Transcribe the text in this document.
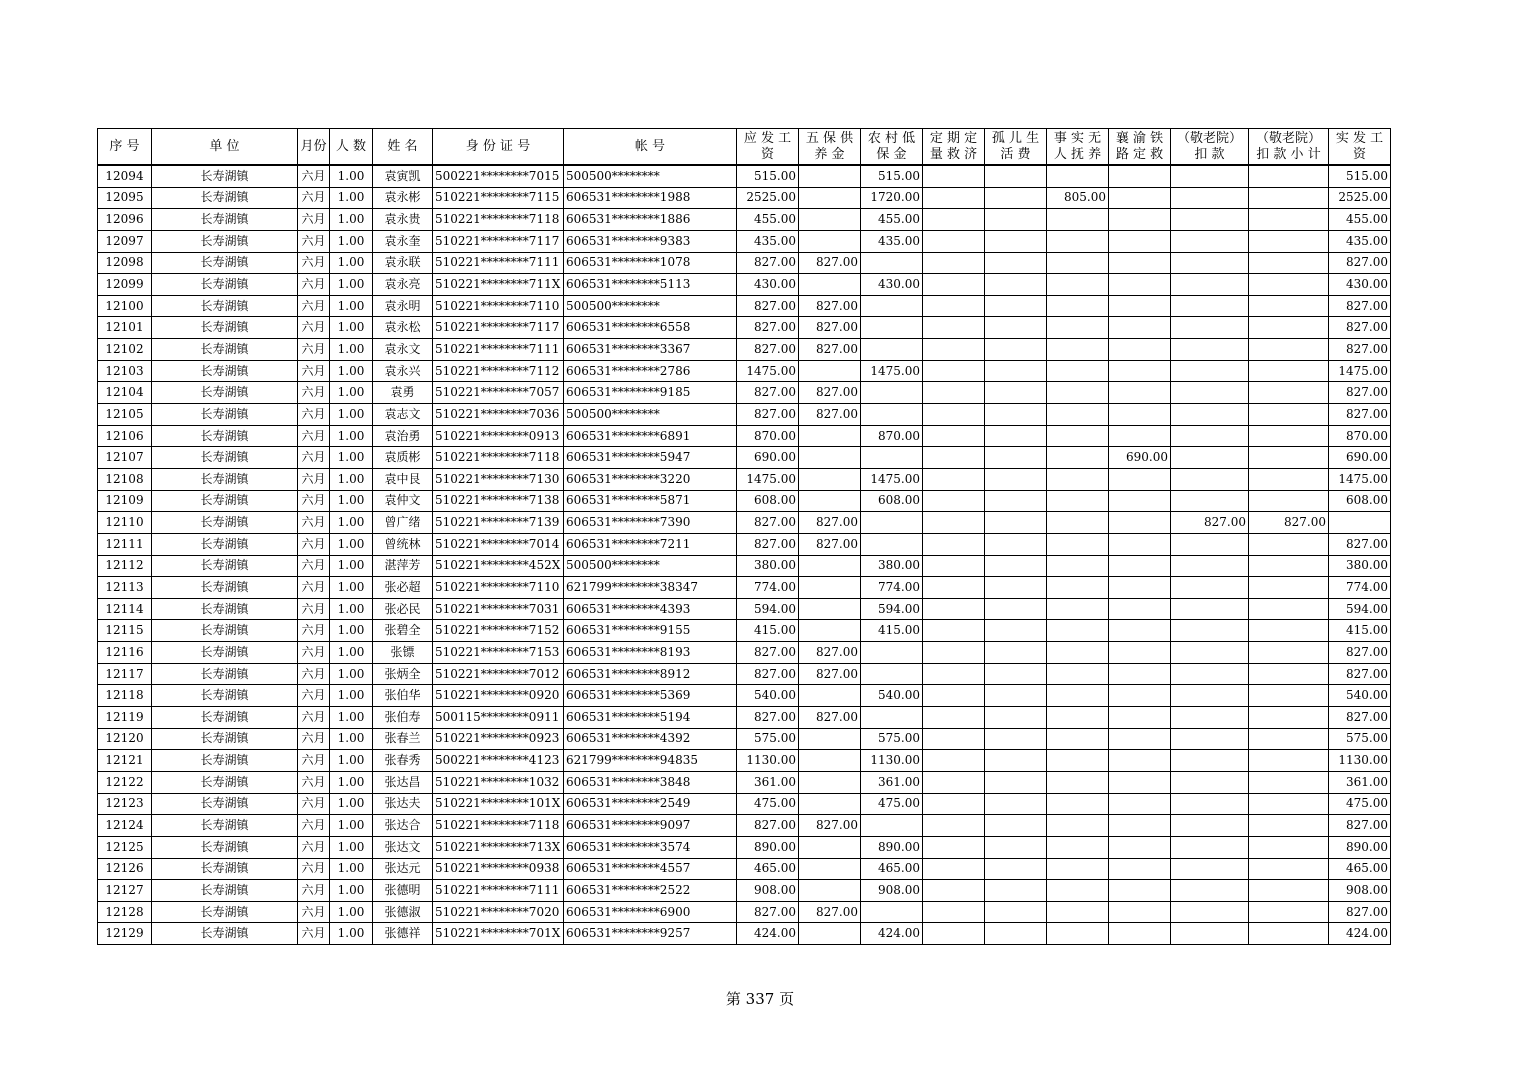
序 号	单 位	月份	人 数	姓 名	身 份 证 号	帐 号	应 发 工 资	五 保 供 养 金	农 村 低 保 金	定 期 定 量 救 济	孤 儿 生 活 费	事 实 无 人 抚 养	襄 渝 铁 路 定 救	（敬老院） 扣 款	（敬老院） 扣 款 小 计	实 发 工 资
12094	长寿湖镇	六月	1.00	袁寅凯	500221********7015	500500********	515.00		515.00							515.00
12095	长寿湖镇	六月	1.00	袁永彬	510221********7115	606531********1988	2525.00		1720.00			805.00				2525.00
12096	长寿湖镇	六月	1.00	袁永贵	510221********7118	606531********1886	455.00		455.00							455.00
12097	长寿湖镇	六月	1.00	袁永奎	510221********7117	606531********9383	435.00		435.00							435.00
12098	长寿湖镇	六月	1.00	袁永联	510221********7111	606531********1078	827.00	827.00								827.00
12099	长寿湖镇	六月	1.00	袁永亮	510221********711X	606531********5113	430.00		430.00							430.00
12100	长寿湖镇	六月	1.00	袁永明	510221********7110	500500********	827.00	827.00								827.00
12101	长寿湖镇	六月	1.00	袁永松	510221********7117	606531********6558	827.00	827.00								827.00
12102	长寿湖镇	六月	1.00	袁永文	510221********7111	606531********3367	827.00	827.00								827.00
12103	长寿湖镇	六月	1.00	袁永兴	510221********7112	606531********2786	1475.00		1475.00							1475.00
12104	长寿湖镇	六月	1.00	袁勇	510221********7057	606531********9185	827.00	827.00								827.00
12105	长寿湖镇	六月	1.00	袁志文	510221********7036	500500********	827.00	827.00								827.00
12106	长寿湖镇	六月	1.00	袁治勇	510221********0913	606531********6891	870.00		870.00							870.00
12107	长寿湖镇	六月	1.00	袁质彬	510221********7118	606531********5947	690.00						690.00			690.00
12108	长寿湖镇	六月	1.00	袁中艮	510221********7130	606531********3220	1475.00		1475.00							1475.00
12109	长寿湖镇	六月	1.00	袁仲文	510221********7138	606531********5871	608.00		608.00							608.00
12110	长寿湖镇	六月	1.00	曾广绪	510221********7139	606531********7390	827.00	827.00						827.00	827.00	
12111	长寿湖镇	六月	1.00	曾统林	510221********7014	606531********7211	827.00	827.00								827.00
12112	长寿湖镇	六月	1.00	湛萍芳	510221********452X	500500********	380.00		380.00							380.00
12113	长寿湖镇	六月	1.00	张必超	510221********7110	621799********38347	774.00		774.00							774.00
12114	长寿湖镇	六月	1.00	张必民	510221********7031	606531********4393	594.00		594.00							594.00
12115	长寿湖镇	六月	1.00	张碧全	510221********7152	606531********9155	415.00		415.00							415.00
12116	长寿湖镇	六月	1.00	张镖	510221********7153	606531********8193	827.00	827.00								827.00
12117	长寿湖镇	六月	1.00	张炳全	510221********7012	606531********8912	827.00	827.00								827.00
12118	长寿湖镇	六月	1.00	张伯华	510221********0920	606531********5369	540.00		540.00							540.00
12119	长寿湖镇	六月	1.00	张伯寿	500115********0911	606531********5194	827.00	827.00								827.00
12120	长寿湖镇	六月	1.00	张春兰	510221********0923	606531********4392	575.00		575.00							575.00
12121	长寿湖镇	六月	1.00	张春秀	500221********4123	621799********94835	1130.00		1130.00							1130.00
12122	长寿湖镇	六月	1.00	张达昌	510221********1032	606531********3848	361.00		361.00							361.00
12123	长寿湖镇	六月	1.00	张达夫	510221********101X	606531********2549	475.00		475.00							475.00
12124	长寿湖镇	六月	1.00	张达合	510221********7118	606531********9097	827.00	827.00								827.00
12125	长寿湖镇	六月	1.00	张达文	510221********713X	606531********3574	890.00		890.00							890.00
12126	长寿湖镇	六月	1.00	张达元	510221********0938	606531********4557	465.00		465.00							465.00
12127	长寿湖镇	六月	1.00	张德明	510221********7111	606531********2522	908.00		908.00							908.00
12128	长寿湖镇	六月	1.00	张德淑	510221********7020	606531********6900	827.00	827.00								827.00
12129	长寿湖镇	六月	1.00	张德祥	510221********701X	606531********9257	424.00		424.00							424.00
第 337 页
